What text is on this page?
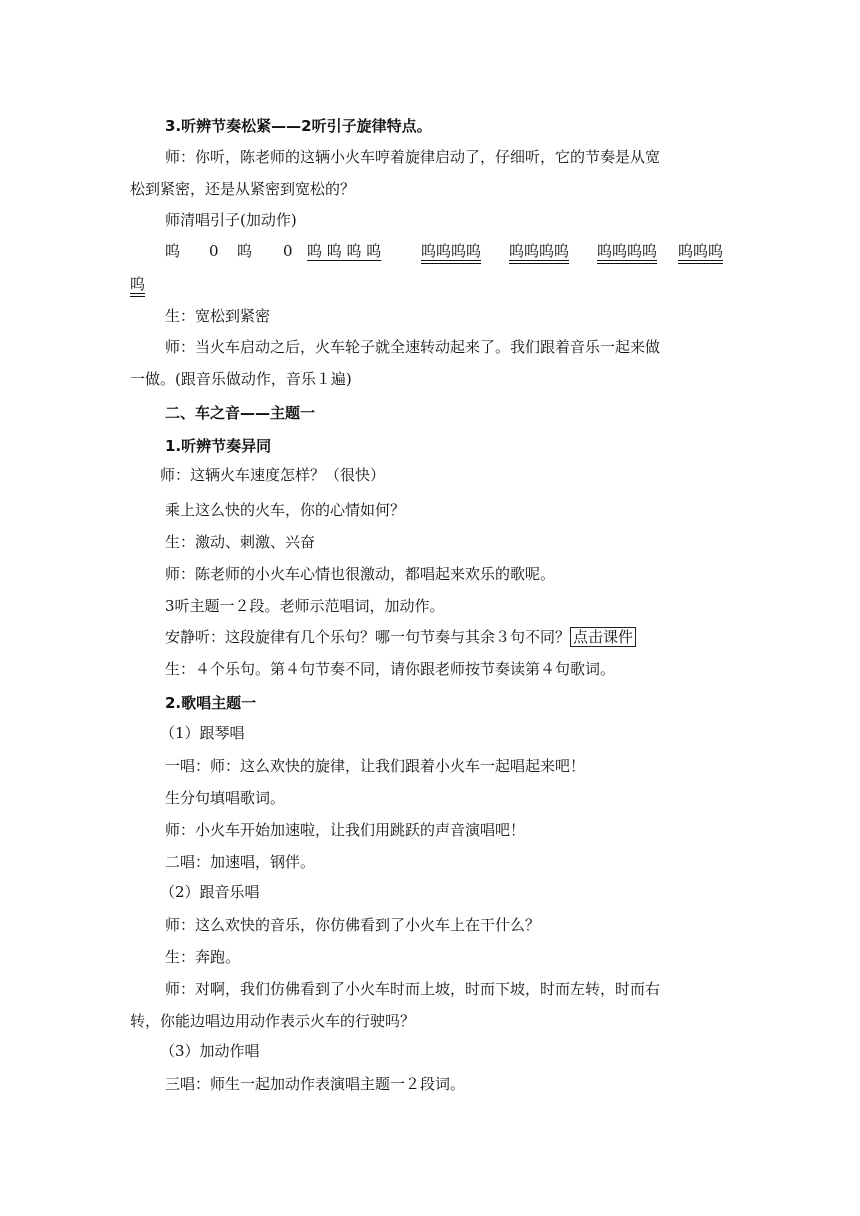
3.听辨节奏松紧——2听引子旋律特点。
师：你听，陈老师的这辆小火车哼着旋律启动了，仔细听，它的节奏是从宽
松到紧密，还是从紧密到宽松的？
师清唱引子(加动作)
呜 0 呜 0 呜 呜 呜 呜	呜呜呜呜 呜呜呜呜 呜呜呜呜 呜呜呜
呜
生：宽松到紧密
师：当火车启动之后，火车轮子就全速转动起来了。我们跟着音乐一起来做
一做。(跟音乐做动作，音乐１遍)
二、车之音——主题一
1.听辨节奏异同
师：这辆火车速度怎样？（很快）
乘上这么快的火车，你的心情如何？
生：激动、刺激、兴奋
师：陈老师的小火车心情也很激动，都唱起来欢乐的歌呢。
3听主题一２段。老师示范唱词，加动作。
安静听：这段旋律有几个乐句？哪一句节奏与其余３句不同？ 点击课件
生：４个乐句。第４句节奏不同，请你跟老师按节奏读第４句歌词。
2.歌唱主题一
（1）跟琴唱
一唱：师：这么欢快的旋律，让我们跟着小火车一起唱起来吧！
生分句填唱歌词。
师：小火车开始加速啦，让我们用跳跃的声音演唱吧！
二唱：加速唱，钢伴。
（2）跟音乐唱
师：这么欢快的音乐，你仿佛看到了小火车上在干什么？
生：奔跑。
师：对啊，我们仿佛看到了小火车时而上坡，时而下坡，时而左转，时而右
转，你能边唱边用动作表示火车的行驶吗？
（3）加动作唱
三唱：师生一起加动作表演唱主题一２段词。
